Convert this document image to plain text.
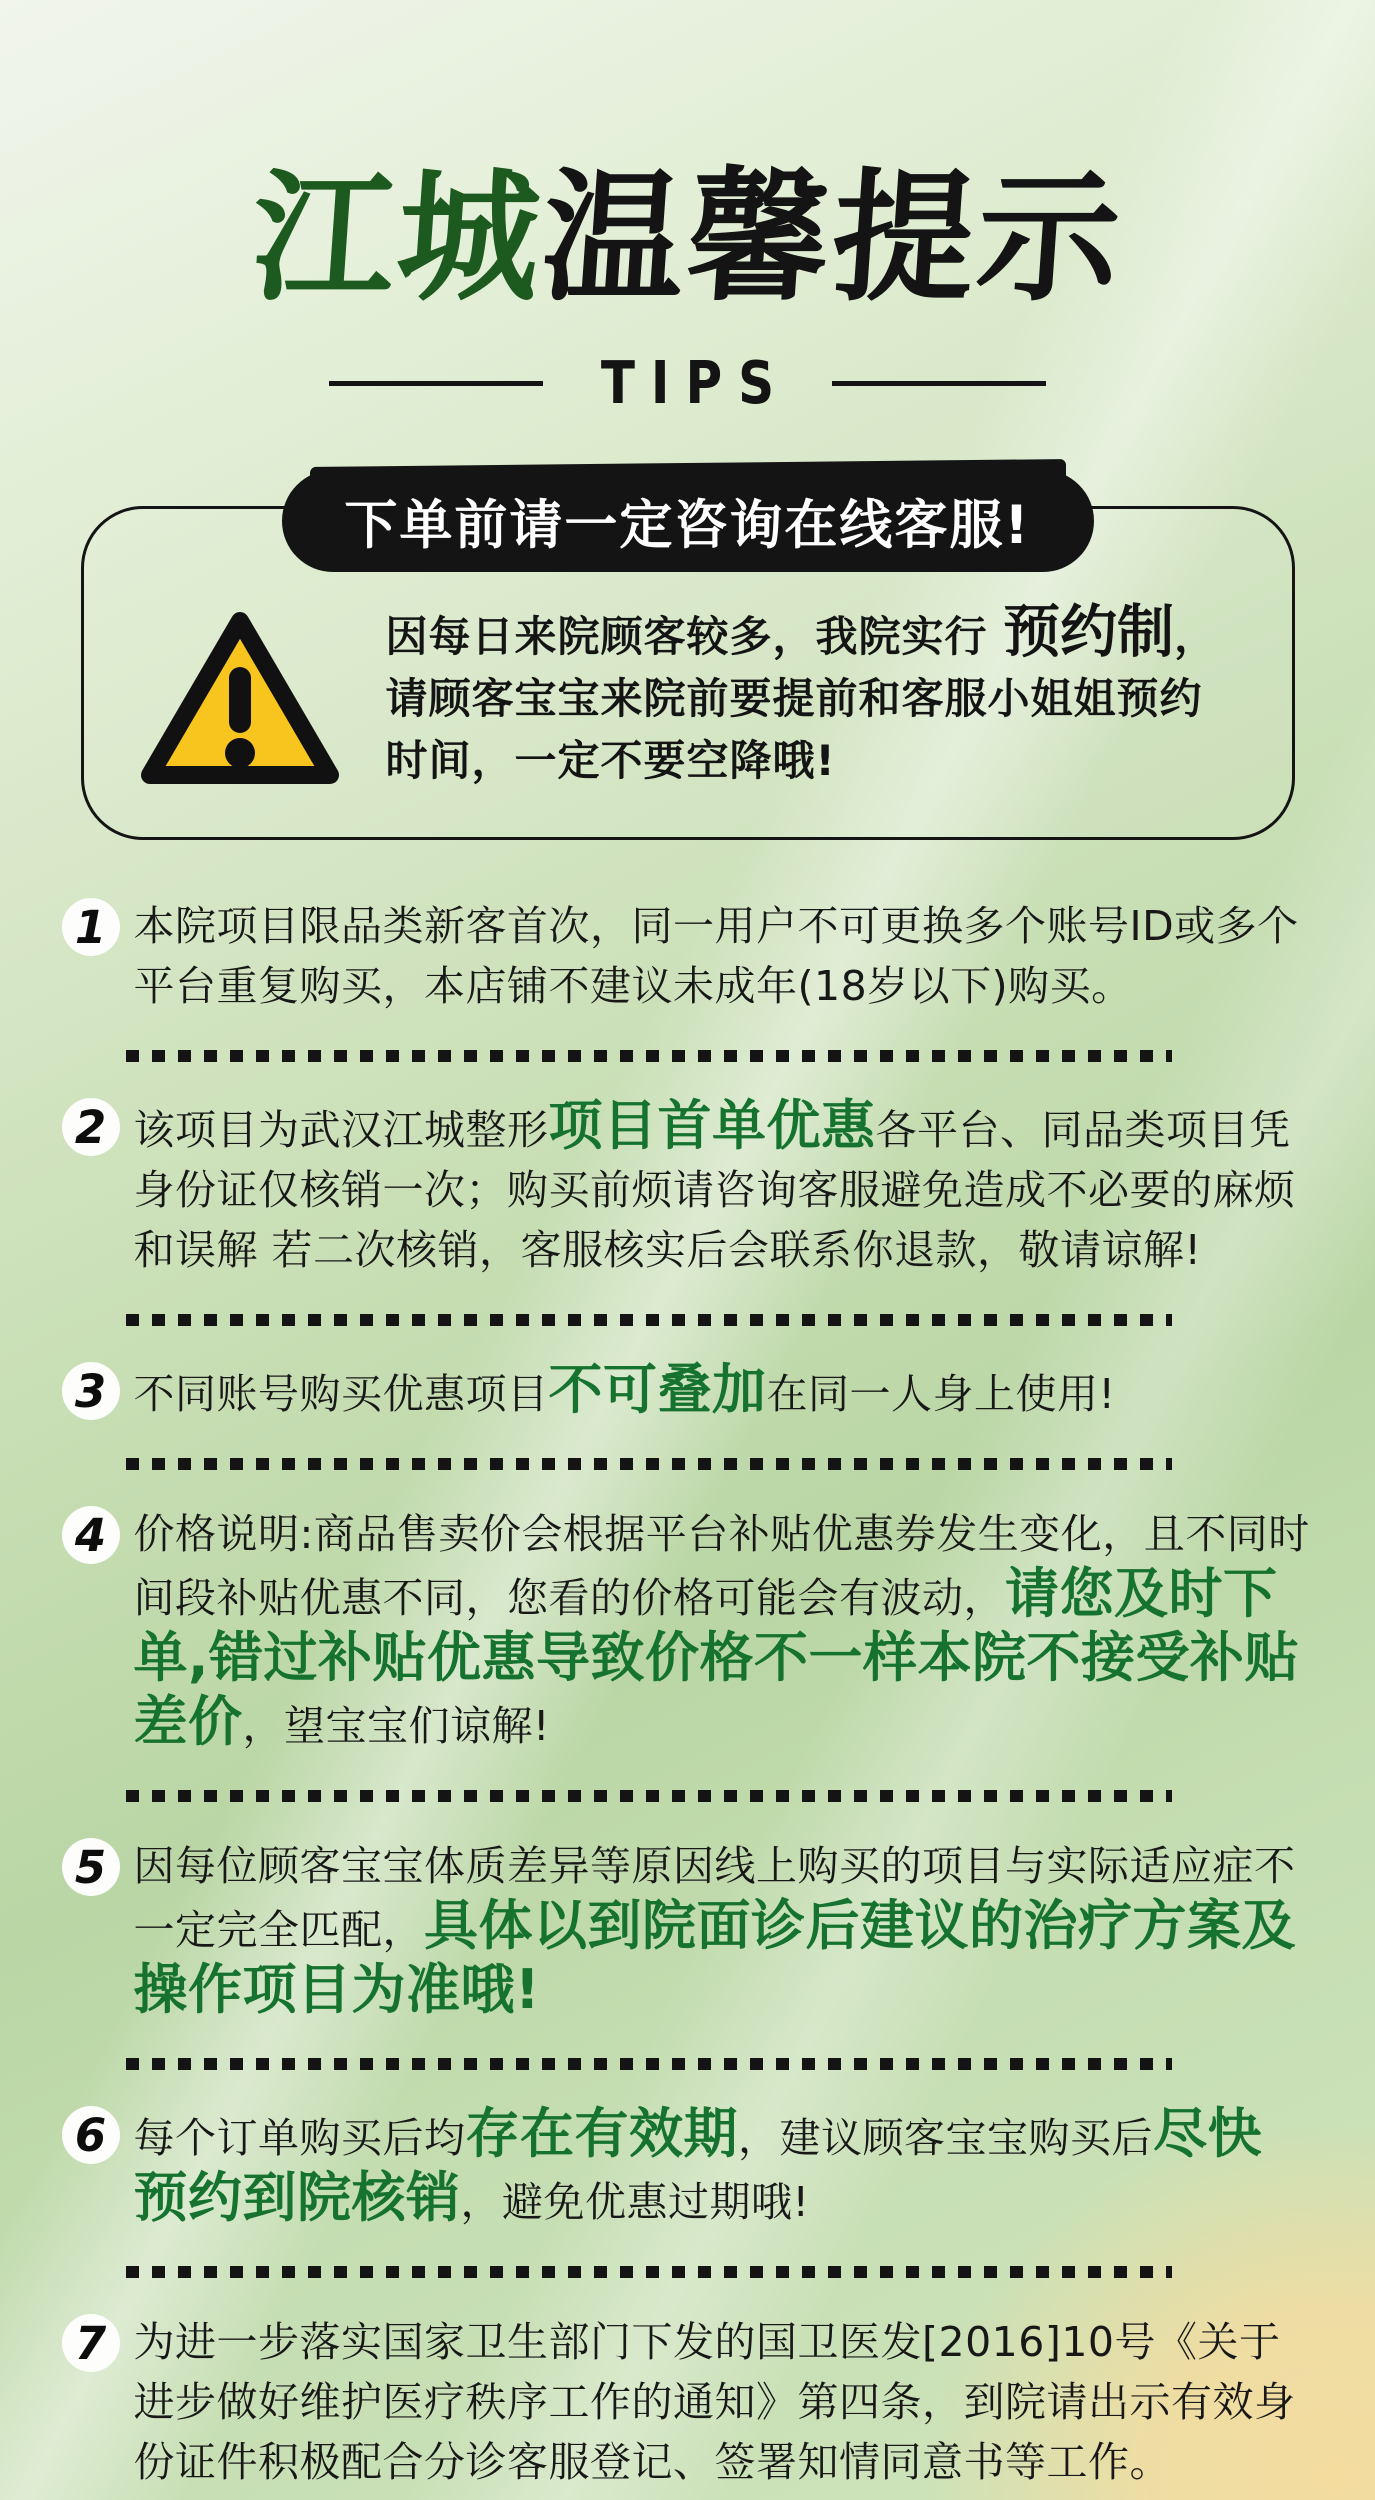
江城温馨提示
TIPS
下单前请一定咨询在线客服!

因每日来院顾客较多，我院实行 预约制，请顾客宝宝来院前要提前和客服小姐姐预约时间，一定不要空降哦!

1 本院项目限品类新客首次，同一用户不可更换多个账号ID或多个平台重复购买，本店铺不建议未成年(18岁以下)购买。

2 该项目为武汉江城整形项目首单优惠各平台、同品类项目凭身份证仅核销一次；购买前烦请咨询客服避免造成不必要的麻烦和误解 若二次核销，客服核实后会联系你退款，敬请谅解!

3 不同账号购买优惠项目不可叠加在同一人身上使用!

4 价格说明:商品售卖价会根据平台补贴优惠券发生变化，且不同时间段补贴优惠不同，您看的价格可能会有波动，请您及时下单,错过补贴优惠导致价格不一样本院不接受补贴差价，望宝宝们谅解!

5 因每位顾客宝宝体质差异等原因线上购买的项目与实际适应症不一定完全匹配，具体以到院面诊后建议的治疗方案及操作项目为准哦!

6 每个订单购买后均存在有效期，建议顾客宝宝购买后尽快预约到院核销，避免优惠过期哦!

7 为进一步落实国家卫生部门下发的国卫医发[2016]10号《关于进步做好维护医疗秩序工作的通知》第四条，到院请出示有效身份证件积极配合分诊客服登记、签署知情同意书等工作。
